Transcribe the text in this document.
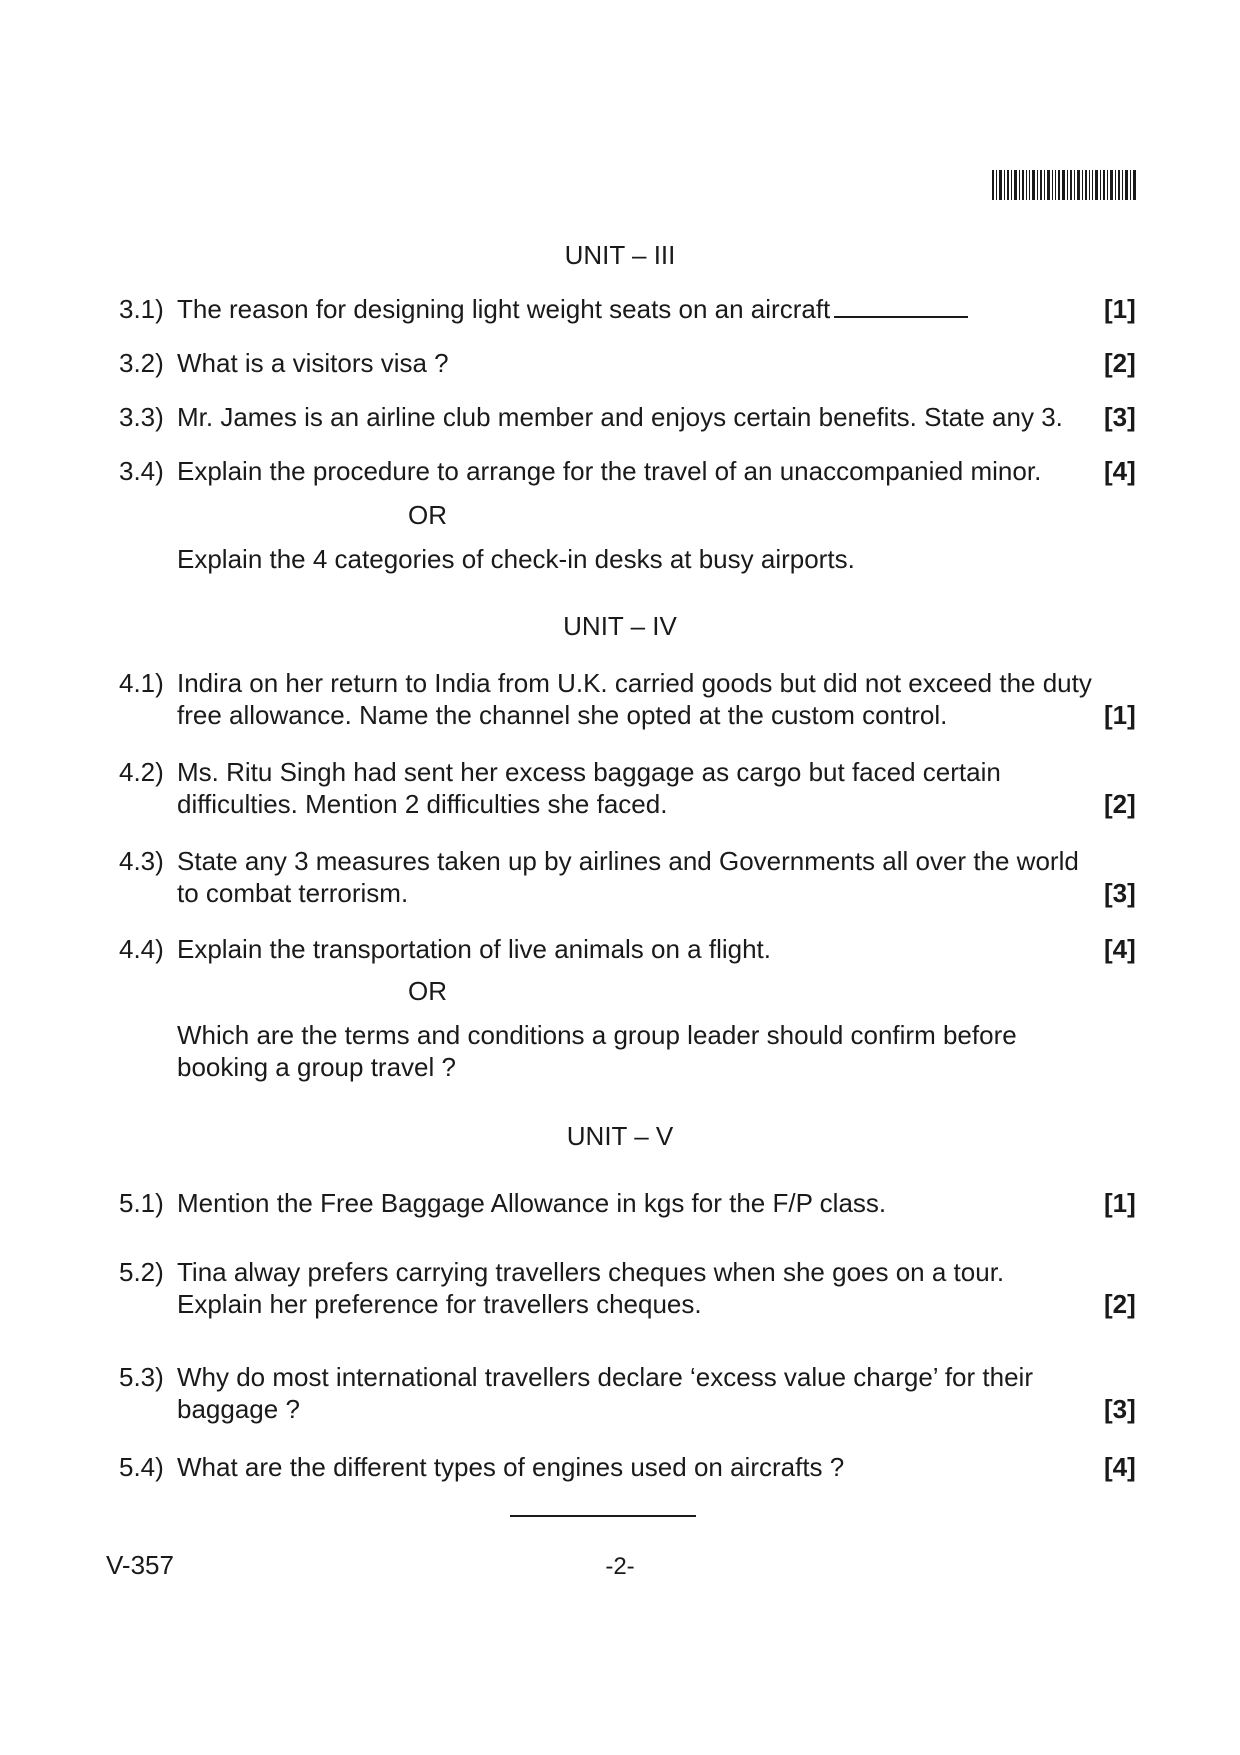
UNIT – III
3.1) The reason for designing light weight seats on an aircraft	[1]
3.2) What is a visitors visa ?	[2]
3.3) Mr. James is an airline club member and enjoys certain benefits. State any 3.	[3]
3.4) Explain the procedure to arrange for the travel of an unaccompanied minor.	[4]
OR
Explain the 4 categories of check-in desks at busy airports.
UNIT – IV
4.1) Indira on her return to India from U.K. carried goods but did not exceed the duty free allowance. Name the channel she opted at the custom control.	[1]
4.2) Ms. Ritu Singh had sent her excess baggage as cargo but faced certain difficulties. Mention 2 difficulties she faced.	[2]
4.3) State any 3 measures taken up by airlines and Governments all over the world to combat terrorism.	[3]
4.4) Explain the transportation of live animals on a flight.	[4]
OR
Which are the terms and conditions a group leader should confirm before booking a group travel ?
UNIT – V
5.1) Mention the Free Baggage Allowance in kgs for the F/P class.	[1]
5.2) Tina alway prefers carrying travellers cheques when she goes on a tour. Explain her preference for travellers cheques.	[2]
5.3) Why do most international travellers declare ‘excess value charge’ for their baggage ?	[3]
5.4) What are the different types of engines used on aircrafts ?	[4]
V-357	-2-
